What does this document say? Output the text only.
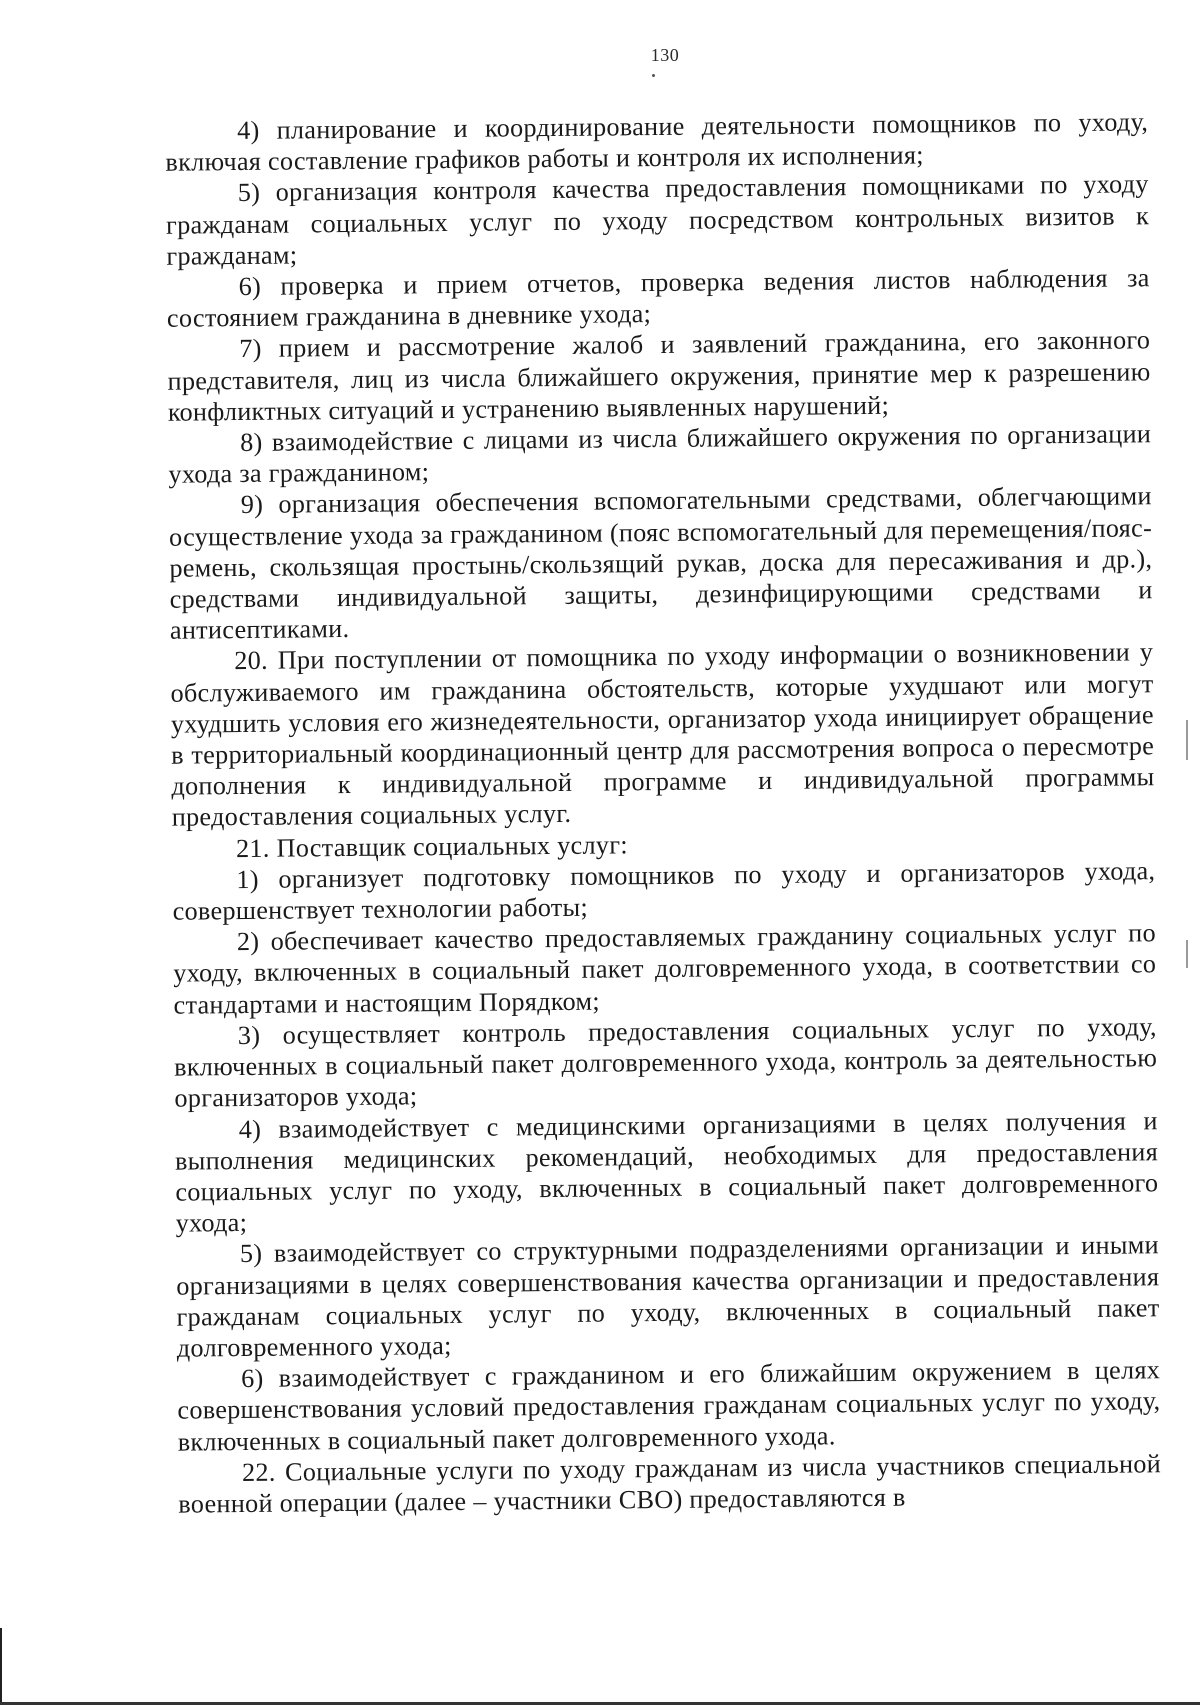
130

4) планирование и координирование деятельности помощников по уходу, включая составление графиков работы и контроля их исполнения;

5) организация контроля качества предоставления помощниками по уходу гражданам социальных услуг по уходу посредством контрольных визитов к гражданам;

6) проверка и прием отчетов, проверка ведения листов наблюдения за состоянием гражданина в дневнике ухода;

7) прием и рассмотрение жалоб и заявлений гражданина, его законного представителя, лиц из числа ближайшего окружения, принятие мер к разрешению конфликтных ситуаций и устранению выявленных нарушений;

8) взаимодействие с лицами из числа ближайшего окружения по организации ухода за гражданином;

9) организация обеспечения вспомогательными средствами, облегчающими осуществление ухода за гражданином (пояс вспомогательный для перемещения/пояс-ремень, скользящая простынь/скользящий рукав, доска для пересаживания и др.), средствами индивидуальной защиты, дезинфицирующими средствами и антисептиками.

20. При поступлении от помощника по уходу информации о возникновении у обслуживаемого им гражданина обстоятельств, которые ухудшают или могут ухудшить условия его жизнедеятельности, организатор ухода инициирует обращение в территориальный координационный центр для рассмотрения вопроса о пересмотре дополнения к индивидуальной программе и индивидуальной программы предоставления социальных услуг.

21. Поставщик социальных услуг:

1) организует подготовку помощников по уходу и организаторов ухода, совершенствует технологии работы;

2) обеспечивает качество предоставляемых гражданину социальных услуг по уходу, включенных в социальный пакет долговременного ухода, в соответствии со стандартами и настоящим Порядком;

3) осуществляет контроль предоставления социальных услуг по уходу, включенных в социальный пакет долговременного ухода, контроль за деятельностью организаторов ухода;

4) взаимодействует с медицинскими организациями в целях получения и выполнения медицинских рекомендаций, необходимых для предоставления социальных услуг по уходу, включенных в социальный пакет долговременного ухода;

5) взаимодействует со структурными подразделениями организации и иными организациями в целях совершенствования качества организации и предоставления гражданам социальных услуг по уходу, включенных в социальный пакет долговременного ухода;

6) взаимодействует с гражданином и его ближайшим окружением в целях совершенствования условий предоставления гражданам социальных услуг по уходу, включенных в социальный пакет долговременного ухода.

22. Социальные услуги по уходу гражданам из числа участников специальной военной операции (далее – участники СВО) предоставляются в
